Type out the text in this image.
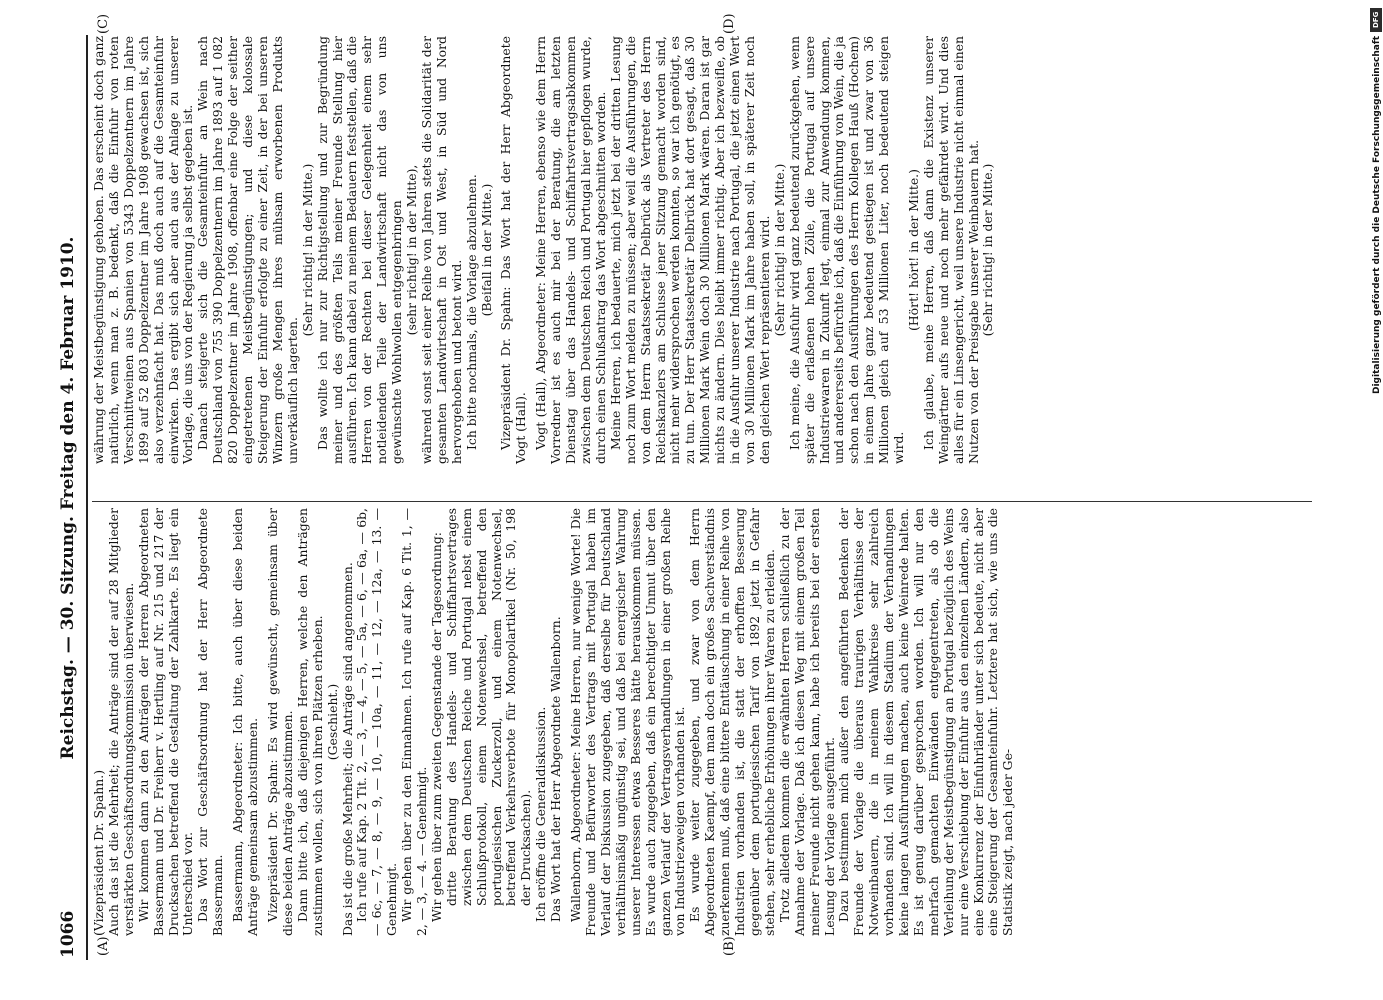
1066
Reichstag. — 30. Sitzung. Freitag den 4. Februar 1910.
(A)	(B)
(C)	(D)

(Vizepräsident Dr. Spahn.) Auch das ist die Mehrheit; die Anträge sind der auf 28 Mitglieder verstärkten Geschäftsordnungskommission überwiesen. Wir kommen dann zu den Anträgen der Herren Abgeordneten Bassermann und Dr. Freiherr v. Hertling auf Nr. 215 und 217 der Drucksachen betreffend die Gestaltung der Zahlkarte. Es liegt ein Unterschied vor. Das Wort zur Geschäftsordnung hat der Herr Abgeordnete Bassermann. Bassermann, Abgeordneter: Ich bitte, auch über diese beiden Anträge gemeinsam abzustimmen. Vizepräsident Dr. Spahn: Es wird gewünscht, gemeinsam über diese beiden Anträge abzustimmen. Dann bitte ich, daß diejenigen Herren, welche den Anträgen zustimmen wollen, sich von ihren Plätzen erheben. (Geschieht.) Das ist die große Mehrheit; die Anträge sind angenommen. Ich rufe auf Kap. 2 Tit. 2, — 3, — 4, — 5, — 5a, — 6, — 6a, — 6b, — 6c, — 7, — 8, — 9, — 10, — 10a, — 11, — 12, — 12a, — 13. — Genehmigt. Wir gehen über zu den Einnahmen. Ich rufe auf Kap. 6 Tit. 1, — 2, — 3, — 4. — Genehmigt. Wir gehen über zum zweiten Gegenstande der Tagesordnung: dritte Beratung des Handels- und Schiffahrtsvertrages zwischen dem Deutschen Reiche und Portugal nebst einem Schlußprotokoll, einem Notenwechsel, betreffend den portugiesischen Zuckerzoll, und einem Notenwechsel, betreffend Verkehrsverbote für Monopolartikel (Nr. 50, 198 der Drucksachen). Ich eröffne die Generaldiskussion. Das Wort hat der Herr Abgeordnete Wallenborn. Wallenborn, Abgeordneter: Meine Herren, nur wenige Worte! Die Freunde und Befürworter des Vertrags mit Portugal haben im Verlauf der Diskussion zugegeben, daß derselbe für Deutschland verhältnismäßig ungünstig sei, und daß bei energischer Wahrung unserer Interessen etwas Besseres hätte herauskommen müssen. Es wurde auch zugegeben, daß ein berechtigter Unmut über den ganzen Verlauf der Vertragsverhandlungen in einer großen Reihe von Industriezweigen vorhanden ist. Es wurde weiter zugegeben, und zwar von dem Herrn Abgeordneten Kaempf, dem man doch ein großes Sachverständnis zuerkennen muß, daß eine bittere Enttäuschung in einer Reihe von Industrien vorhanden ist, die statt der erhofften Besserung gegenüber dem portugiesischen Tarif von 1892 jetzt in Gefahr stehen, sehr erhebliche Erhöhungen ihrer Waren zu erleiden. Trotz alledem kommen die erwähnten Herren schließlich zu der Annahme der Vorlage. Daß ich diesen Weg mit einem großen Teil meiner Freunde nicht gehen kann, habe ich bereits bei der ersten Lesung der Vorlage ausgeführt. Dazu bestimmen mich außer den angeführten Bedenken der Freunde der Vorlage die überaus traurigen Verhältnisse der Notweinbauern, die in meinem Wahlkreise sehr zahlreich vorhanden sind. Ich will in diesem Stadium der Verhandlungen keine langen Ausführungen machen, auch keine Weinrede halten. Es ist genug darüber gesprochen worden. Ich will nur den mehrfach gemachten Einwänden entgegentreten, als ob die Verleihung der Meistbegünstigung an Portugal bezüglich des Weins nur eine Verschiebung der Einfuhr aus den einzelnen Ländern, also eine Konkurrenz der Einfuhrländer unter sich bedeute, nicht aber eine Steigerung der Gesamteinfuhr. Letztere hat sich, wie uns die Statistik zeigt, nach jeder Ge-

währung der Meistbegünstigung gehoben. Das erscheint doch ganz natürlich, wenn man z. B. bedenkt, daß die Einfuhr von roten Verschnittweinen aus Spanien von 5343 Doppelzentnern im Jahre 1899 auf 52 803 Doppelzentner im Jahre 1908 gewachsen ist, sich also verzehnfacht hat. Das muß doch auch auf die Gesamteinfuhr einwirken. Das ergibt sich aber auch aus der Anlage zu unserer Vorlage, die uns von der Regierung ja selbst gegeben ist. Danach steigerte sich die Gesamteinfuhr an Wein nach Deutschland von 755 390 Doppelzentnern im Jahre 1893 auf 1 082 820 Doppelzentner im Jahre 1908, offenbar eine Folge der seither eingetretenen Meistbegünstigungen; und diese kolossale Steigerung der Einfuhr erfolgte zu einer Zeit, in der bei unseren Winzern große Mengen ihres mühsam erworbenen Produkts unverkäuflich lagerten.

(Sehr richtig! in der Mitte.) Das wollte ich nur zur Richtigstellung und zur Begründung meiner und des größten Teils meiner Freunde Stellung hier ausführen. Ich kann dabei zu meinem Bedauern feststellen, daß die Herren von der Rechten bei dieser Gelegenheit einem sehr notleidenden Teile der Landwirtschaft nicht das von uns gewünschte Wohlwollen entgegenbringen (sehr richtig! in der Mitte), während sonst seit einer Reihe von Jahren stets die Solidarität der gesamten Landwirtschaft in Ost und West, in Süd und Nord hervorgehoben und betont wird. Ich bitte nochmals, die Vorlage abzulehnen. (Beifall in der Mitte.) Vizepräsident Dr. Spahn: Das Wort hat der Herr Abgeordnete Vogt (Hall). Vogt (Hall), Abgeordneter: Meine Herren, ebenso wie dem Herrn Vorredner ist es auch mir bei der Beratung, die am letzten Dienstag über das Handels- und Schiffahrtsvertragsabkommen zwischen dem Deutschen Reich und Portugal hier gepflogen wurde, durch einen Schlußantrag das Wort abgeschnitten worden. Meine Herren, ich bedauerte, mich jetzt bei der dritten Lesung noch zum Wort melden zu müssen; aber weil die Ausführungen, die von dem Herrn Staatssekretär Delbrück als Vertreter des Herrn Reichskanzlers am Schlusse jener Sitzung gemacht worden sind, nicht mehr widersprochen werden konnten, so war ich genötigt, es zu tun. Der Herr Staatssekretär Delbrück hat dort gesagt, daß 30 Millionen Mark Wein doch 30 Millionen Mark wären. Daran ist gar nichts zu ändern. Dies bleibt immer richtig. Aber ich bezweifle, ob in die Ausfuhr unserer Industrie nach Portugal, die jetzt einen Wert von 30 Millionen Mark im Jahre haben soll, in späterer Zeit noch den gleichen Wert repräsentieren wird. (Sehr richtig! in der Mitte.) Ich meine, die Ausfuhr wird ganz bedeutend zurückgehen, wenn später die erlaßenen hohen Zölle, die Portugal auf unsere Industriewaren in Zukunft legt, einmal zur Anwendung kommen, und andererseits befürchte ich, daß die Einführung von Wein, die ja schon nach den Ausführungen des Herrn Kollegen Hauß (Hochem) in einem Jahre ganz bedeutend gestiegen ist und zwar von 36 Millionen gleich auf 53 Millionen Liter, noch bedeutend steigen wird.

(Hört! hört! in der Mitte.) Ich glaube, meine Herren, daß dann die Existenz unserer Weingärtner aufs neue und noch mehr gefährdet wird. Und dies alles für ein Linsengericht, weil unsere Industrie nicht einmal einen Nutzen von der Preisgabe unserer Weinbauern hat. (Sehr richtig! in der Mitte.)

DFG
Digitalisierung gefördert durch die Deutsche Forschungsgemeinschaft
